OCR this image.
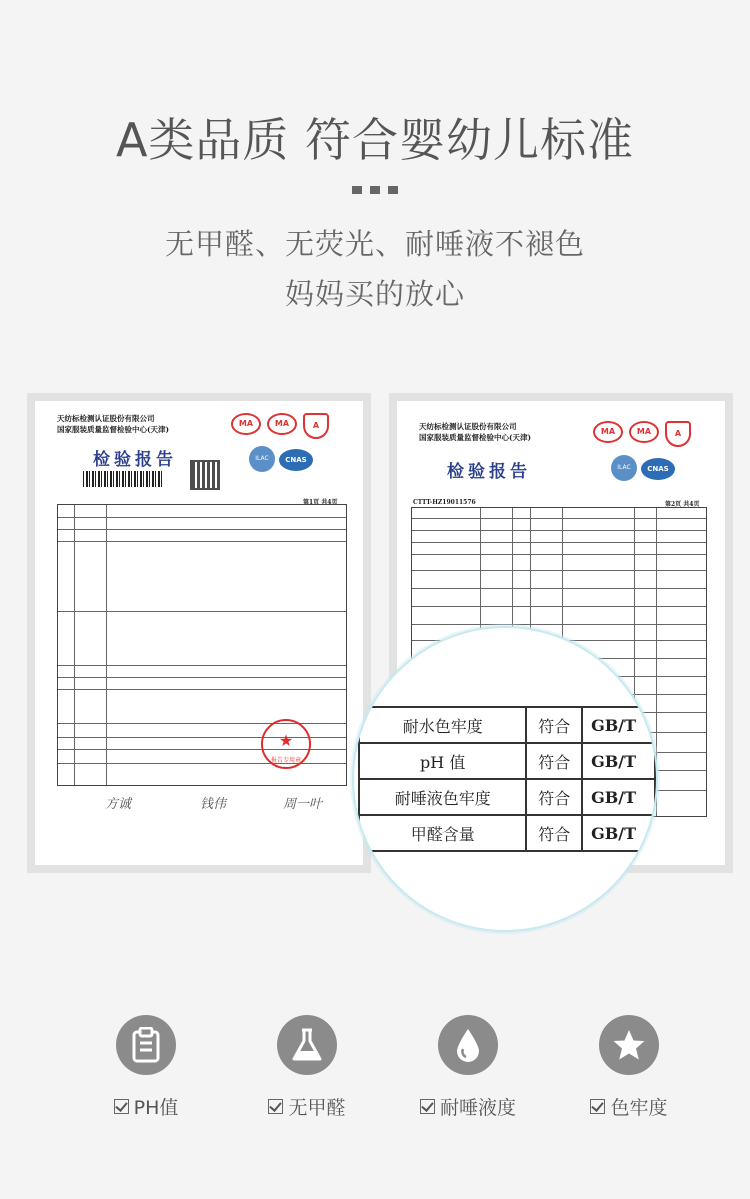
A类品质 符合婴幼儿标准
无甲醛、无荧光、耐唾液不褪色
妈妈买的放心
天纺标检测认证股份有限公司
国家服装质量监督检验中心(天津)
MA	MA	A
ILAC	CNAS
检验报告
第1页 共4页
★
报告专用章
方诚	钱伟	周一叶
天纺标检测认证股份有限公司
国家服装质量监督检验中心(天津)
MA	MA	A
ILAC	CNAS
检验报告
CTTT-HZ19011576	第2页 共4页
耐水色牢度	符合	GB/T
pH 值	符合	GB/T
耐唾液色牢度	符合	GB/T
甲醛含量	符合	GB/T
PH值	无甲醛	耐唾液度	色牢度
